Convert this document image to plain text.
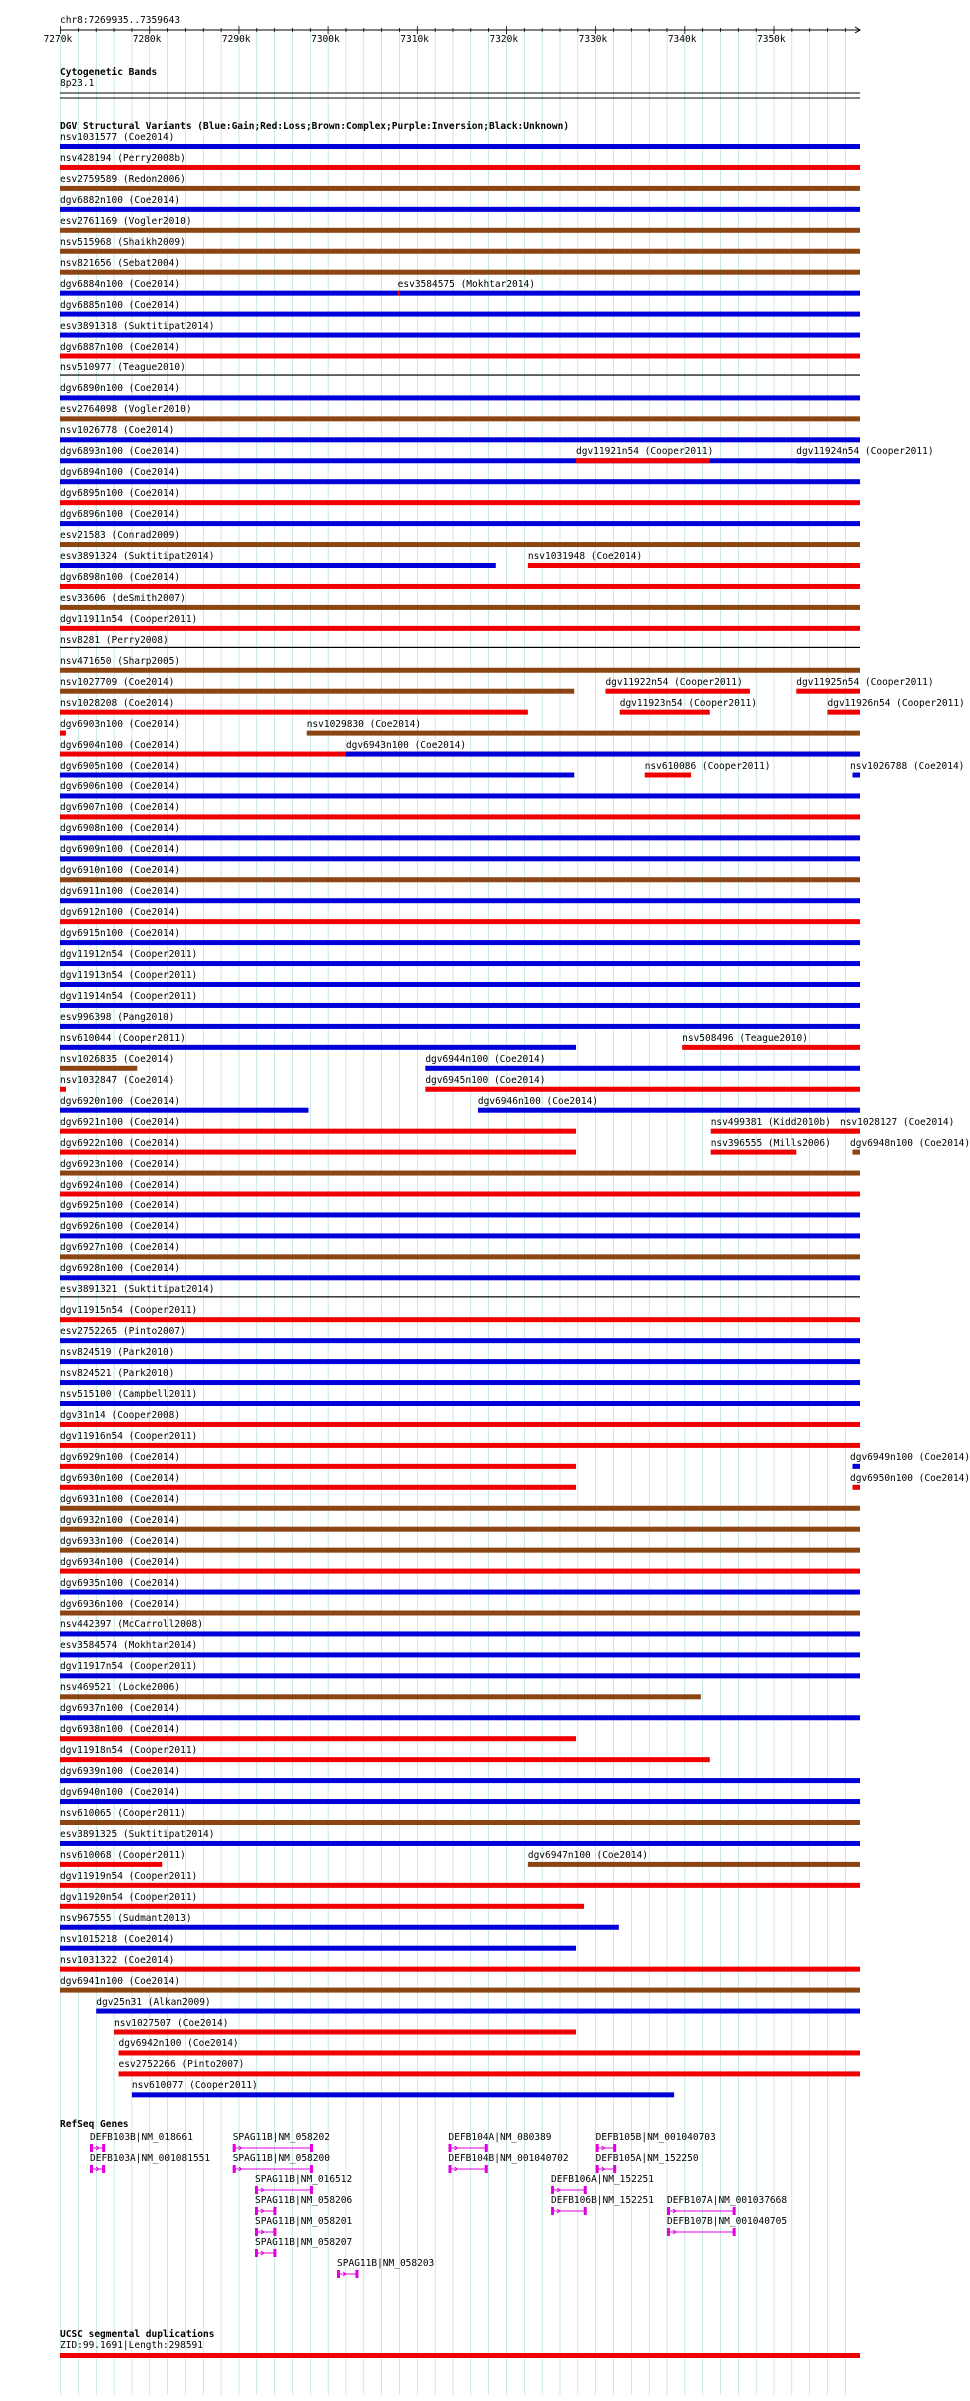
chr8:7269935..7359643
7270k	7280k	7290k	7300k	7310k	7320k	7330k	7340k	7350k
Cytogenetic Bands
8p23.1
DGV Structural Variants (Blue:Gain;Red:Loss;Brown:Complex;Purple:Inversion;Black:Unknown)
nsv1031577 (Coe2014)
nsv428194 (Perry2008b)
esv2759589 (Redon2006)
dgv6882n100 (Coe2014)
esv2761169 (Vogler2010)
nsv515968 (Shaikh2009)
nsv821656 (Sebat2004)
dgv6884n100 (Coe2014)	esv3584575 (Mokhtar2014)
dgv6885n100 (Coe2014)
esv3891318 (Suktitipat2014)
dgv6887n100 (Coe2014)
nsv510977 (Teague2010)
dgv6890n100 (Coe2014)
esv2764098 (Vogler2010)
nsv1026778 (Coe2014)
dgv6893n100 (Coe2014)	dgv11921n54 (Cooper2011)	dgv11924n54 (Cooper2011)
dgv6894n100 (Coe2014)
dgv6895n100 (Coe2014)
dgv6896n100 (Coe2014)
esv21583 (Conrad2009)
esv3891324 (Suktitipat2014)	nsv1031948 (Coe2014)
dgv6898n100 (Coe2014)
esv33606 (deSmith2007)
dgv11911n54 (Cooper2011)
nsv8281 (Perry2008)
nsv471650 (Sharp2005)
nsv1027709 (Coe2014)	dgv11922n54 (Cooper2011)	dgv11925n54 (Cooper2011)
nsv1028208 (Coe2014)	dgv11923n54 (Cooper2011)	dgv11926n54 (Cooper2011)
dgv6903n100 (Coe2014)	nsv1029830 (Coe2014)
dgv6904n100 (Coe2014)	dgv6943n100 (Coe2014)
dgv6905n100 (Coe2014)	nsv610086 (Cooper2011)	nsv1026788 (Coe2014)
dgv6906n100 (Coe2014)
dgv6907n100 (Coe2014)
dgv6908n100 (Coe2014)
dgv6909n100 (Coe2014)
dgv6910n100 (Coe2014)
dgv6911n100 (Coe2014)
dgv6912n100 (Coe2014)
dgv6915n100 (Coe2014)
dgv11912n54 (Cooper2011)
dgv11913n54 (Cooper2011)
dgv11914n54 (Cooper2011)
esv996398 (Pang2010)
nsv610044 (Cooper2011)	nsv508496 (Teague2010)
nsv1026835 (Coe2014)	dgv6944n100 (Coe2014)
nsv1032847 (Coe2014)	dgv6945n100 (Coe2014)
dgv6920n100 (Coe2014)	dgv6946n100 (Coe2014)
dgv6921n100 (Coe2014)	nsv499381 (Kidd2010b) nsv1028127 (Coe2014)
dgv6922n100 (Coe2014)	nsv396555 (Mills2006) dgv6948n100 (Coe2014)
dgv6923n100 (Coe2014)
dgv6924n100 (Coe2014)
dgv6925n100 (Coe2014)
dgv6926n100 (Coe2014)
dgv6927n100 (Coe2014)
dgv6928n100 (Coe2014)
esv3891321 (Suktitipat2014)
dgv11915n54 (Cooper2011)
esv2752265 (Pinto2007)
nsv824519 (Park2010)
nsv824521 (Park2010)
nsv515100 (Campbell2011)
dgv31n14 (Cooper2008)
dgv11916n54 (Cooper2011)
dgv6929n100 (Coe2014)	dgv6949n100 (Coe2014)
dgv6930n100 (Coe2014)	dgv6950n100 (Coe2014)
dgv6931n100 (Coe2014)
dgv6932n100 (Coe2014)
dgv6933n100 (Coe2014)
dgv6934n100 (Coe2014)
dgv6935n100 (Coe2014)
dgv6936n100 (Coe2014)
nsv442397 (McCarroll2008)
esv3584574 (Mokhtar2014)
dgv11917n54 (Cooper2011)
nsv469521 (Locke2006)
dgv6937n100 (Coe2014)
dgv6938n100 (Coe2014)
dgv11918n54 (Cooper2011)
dgv6939n100 (Coe2014)
dgv6940n100 (Coe2014)
nsv610065 (Cooper2011)
esv3891325 (Suktitipat2014)
nsv610068 (Cooper2011)	dgv6947n100 (Coe2014)
dgv11919n54 (Cooper2011)
dgv11920n54 (Cooper2011)
nsv967555 (Sudmant2013)
nsv1015218 (Coe2014)
nsv1031322 (Coe2014)
dgv6941n100 (Coe2014)
dgv25n31 (Alkan2009)
nsv1027507 (Coe2014)
dgv6942n100 (Coe2014)
esv2752266 (Pinto2007)
nsv610077 (Cooper2011)
RefSeq Genes
DEFB103B|NM_018661
DEFB103A|NM_001081551
SPAG11B|NM_058202
SPAG11B|NM_058200
SPAG11B|NM_016512
SPAG11B|NM_058206
SPAG11B|NM_058201
SPAG11B|NM_058207
SPAG11B|NM_058203
DEFB104A|NM_080389
DEFB104B|NM_001040702
DEFB106B|NM_152251
DEFB106A|NM_152251
DEFB105B|NM_001040703
DEFB105A|NM_152250
DEFB107A|NM_001037668
DEFB107B|NM_001040705
UCSC segmental duplications
ZID:99.1691|Length:298591
